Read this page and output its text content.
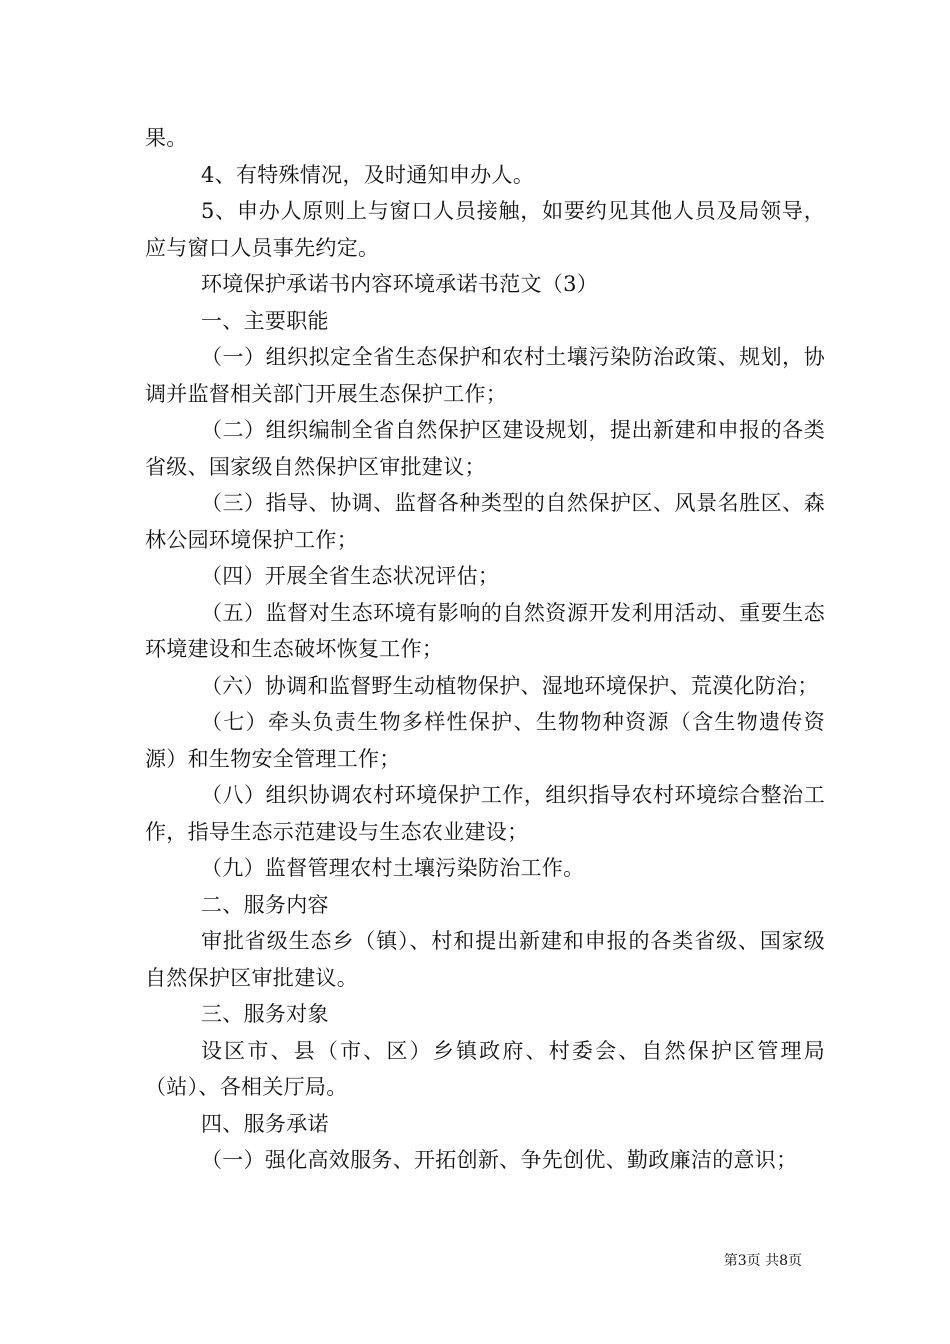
果。

4、有特殊情况，及时通知申办人。

5、申办人原则上与窗口人员接触，如要约见其他人员及局领导，应与窗口人员事先约定。

环境保护承诺书内容环境承诺书范文（3）

一、主要职能

（一）组织拟定全省生态保护和农村土壤污染防治政策、规划，协调并监督相关部门开展生态保护工作；

（二）组织编制全省自然保护区建设规划，提出新建和申报的各类省级、国家级自然保护区审批建议；

（三）指导、协调、监督各种类型的自然保护区、风景名胜区、森林公园环境保护工作；

（四）开展全省生态状况评估；

（五）监督对生态环境有影响的自然资源开发利用活动、重要生态环境建设和生态破坏恢复工作；

（六）协调和监督野生动植物保护、湿地环境保护、荒漠化防治；

（七）牵头负责生物多样性保护、生物物种资源（含生物遗传资源）和生物安全管理工作；

（八）组织协调农村环境保护工作，组织指导农村环境综合整治工作，指导生态示范建设与生态农业建设；

（九）监督管理农村土壤污染防治工作。

二、服务内容

审批省级生态乡（镇）、村和提出新建和申报的各类省级、国家级自然保护区审批建议。

三、服务对象

设区市、县（市、区）乡镇政府、村委会、自然保护区管理局（站）、各相关厅局。

四、服务承诺

（一）强化高效服务、开拓创新、争先创优、勤政廉洁的意识；

第3页 共8页
